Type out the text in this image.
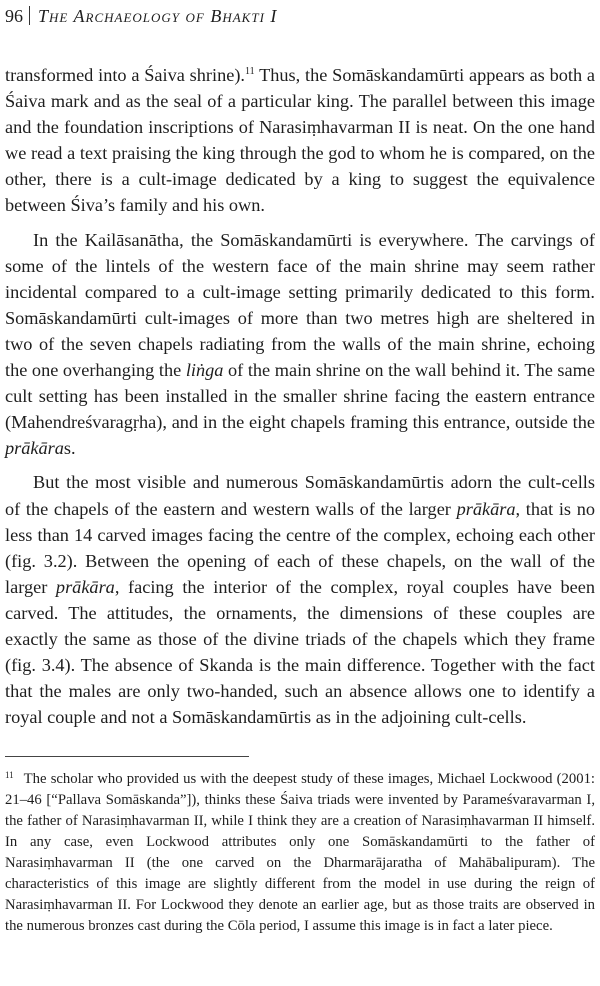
96 The Archaeology of Bhakti I

transformed into a Śaiva shrine).$^{11}$ Thus, the Somāskandamūrti appears as both a Śaiva mark and as the seal of a particular king. The parallel between this image and the foundation inscriptions of Narasiṃhavarman II is neat. On the one hand we read a text praising the king through the god to whom he is compared, on the other, there is a cult-image dedicated by a king to suggest the equivalence between Śiva’s family and his own.

In the Kailāsanātha, the Somāskandamūrti is everywhere. The carvings of some of the lintels of the western face of the main shrine may seem rather incidental compared to a cult-image setting primarily dedicated to this form. Somāskandamūrti cult-images of more than two metres high are sheltered in two of the seven chapels radiating from the walls of the main shrine, echoing the one overhanging the liṅga of the main shrine on the wall behind it. The same cult setting has been installed in the smaller shrine facing the eastern entrance (Mahendreśvaragṛha), and in the eight chapels framing this entrance, outside the prākāras.

But the most visible and numerous Somāskandamūrtis adorn the cult-cells of the chapels of the eastern and western walls of the larger prākāra, that is no less than 14 carved images facing the centre of the complex, echoing each other (fig. 3.2). Between the opening of each of these chapels, on the wall of the larger prākāra, facing the interior of the complex, royal couples have been carved. The attitudes, the ornaments, the dimensions of these couples are exactly the same as those of the divine triads of the chapels which they frame (fig. 3.4). The absence of Skanda is the main difference. Together with the fact that the males are only two-handed, such an absence allows one to identify a royal couple and not a Somāskandamūrtis as in the adjoining cult-cells.

$^{11}$ The scholar who provided us with the deepest study of these images, Michael Lockwood (2001: 21–46 [“Pallava Somāskanda”]), thinks these Śaiva triads were invented by Parameśvaravarman I, the father of Narasiṃhavarman II, while I think they are a creation of Narasiṃhavarman II himself. In any case, even Lockwood attributes only one Somāskandamūrti to the father of Narasiṃhavarman II (the one carved on the Dharmarājaratha of Mahābalipuram). The characteristics of this image are slightly different from the model in use during the reign of Narasiṃhavarman II. For Lockwood they denote an earlier age, but as those traits are observed in the numerous bronzes cast during the Cōla period, I assume this image is in fact a later piece.
